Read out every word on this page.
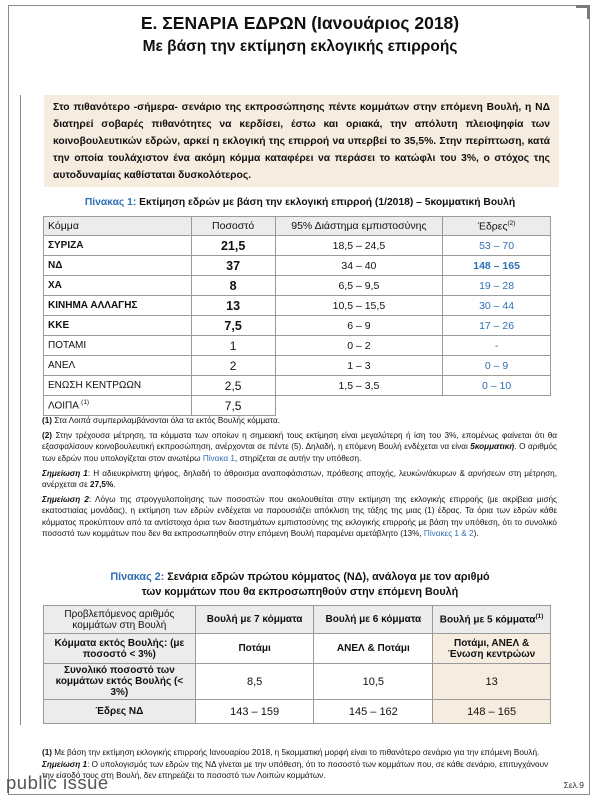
Ε. ΣΕΝΑΡΙΑ ΕΔΡΩΝ (Ιανουάριος 2018)
Με βάση την εκτίμηση εκλογικής επιρροής
Στο πιθανότερο -σήμερα- σενάριο της εκπροσώπησης πέντε κομμάτων στην επόμενη Βουλή, η ΝΔ διατηρεί σοβαρές πιθανότητες να κερδίσει, έστω και οριακά, την απόλυτη πλειοψηφία των κοινοβουλευτικών εδρών, αρκεί η εκλογική της επιρροή να υπερβεί το 35,5%. Στην περίπτωση, κατά την οποία τουλάχιστον ένα ακόμη κόμμα καταφέρει να περάσει το κατώφλι του 3%, ο στόχος της αυτοδυναμίας καθίσταται δυσκολότερος.
Πίνακας 1: Εκτίμηση εδρών με βάση την εκλογική επιρροή (1/2018) – 5κομματική Βουλή
Κόμμα	Ποσοστό	95% Διάστημα εμπιστοσύνης	Έδρες$^{(2)}$
ΣΥΡΙΖΑ	21,5	18,5 – 24,5	53 – 70
ΝΔ	37	34 – 40	148 – 165
ΧΑ	8	6,5 – 9,5	19 – 28
ΚΙΝΗΜΑ ΑΛΛΑΓΗΣ	13	10,5 – 15,5	30 – 44
ΚΚΕ	7,5	6 – 9	17 – 26
ΠΟΤΑΜΙ	1	0 – 2	-
ΑΝΕΛ	2	1 – 3	0 – 9
ΕΝΩΣΗ ΚΕΝΤΡΩΩΝ	2,5	1,5 – 3,5	0 – 10
ΛΟΙΠΑ $^{(1)}$	7,5		

(1) Στα Λοιπά συμπεριλαμβάνονται όλα τα εκτός Βουλής κόμματα.

(2) Στην τρέχουσα μέτρηση, τα κόμματα των οποίων η σημειακή τους εκτίμηση είναι μεγαλύτερη ή ίση του 3%, επομένως φαίνεται ότι θα εξασφαλίσουν κοινοβουλευτική εκπροσώπηση, ανέρχονται σε πέντε (5). Δηλαδή, η επόμενη Βουλή ενδέχεται να είναι 5κομματική. Ο αριθμός των εδρών που υπολογίζεται στον ανωτέρω Πίνακα 1, στηρίζεται σε αυτήν την υπόθεση.

Σημείωση 1: Η αδιευκρίνιστη ψήφος, δηλαδή το άθροισμα αναποφάσιστων, πρόθεσης αποχής, λευκών/άκυρων & αρνήσεων στη μέτρηση, ανέρχεται σε 27,5%.

Σημείωση 2: Λόγω της στρογγυλοποίησης των ποσοστών που ακολουθείται στην εκτίμηση της εκλογικής επιρροής (με ακρίβεια μισής εκατοστιαίας μονάδας), η εκτίμηση των εδρών ενδέχεται να παρουσιάζει απόκλιση της τάξης της μιας (1) έδρας. Τα όρια των εδρών κάθε κόμματος προκύπτουν από τα αντίστοιχα όρια των διαστημάτων εμπιστοσύνης της εκλογικής επιρροής με βάση την υπόθεση, ότι το συνολικό ποσοστό των κομμάτων που δεν θα εκπροσωπηθούν στην επόμενη Βουλή παραμένει αμετάβλητο (13%, Πίνακες 1 & 2).

Πίνακας 2: Σενάρια εδρών πρώτου κόμματος (ΝΔ), ανάλογα με τον αριθμό
των κομμάτων που θα εκπροσωπηθούν στην επόμενη Βουλή
Προβλεπόμενος αριθμός κομμάτων στη Βουλή	Βουλή με 7 κόμματα	Βουλή με 6 κόμματα	Βουλή με 5 κόμματα$^{(1)}$
Κόμματα εκτός Βουλής: (με ποσοστό < 3%)	Ποτάμι	ΑΝΕΛ & Ποτάμι	Ποτάμι, ΑΝΕΛ & Ένωση κεντρώων
Συνολικό ποσοστό των κομμάτων εκτός Βουλής (< 3%)	8,5	10,5	13
Έδρες ΝΔ	143 – 159	145 – 162	148 – 165

(1) Με βάση την εκτίμηση εκλογικής επιρροής Ιανουαρίου 2018, η 5κομματική μορφή είναι το πιθανότερο σενάριο για την επόμενη Βουλή.

Σημείωση 1: Ο υπολογισμός των εδρών της ΝΔ γίνεται με την υπόθεση, ότι το ποσοστό των κομμάτων που, σε κάθε σενάριο, επιτυγχάνουν την είσοδό τους στη Βουλή, δεν επηρεάζει το ποσοστό των Λοιπών κομμάτων.

public issue	Σελ.9
